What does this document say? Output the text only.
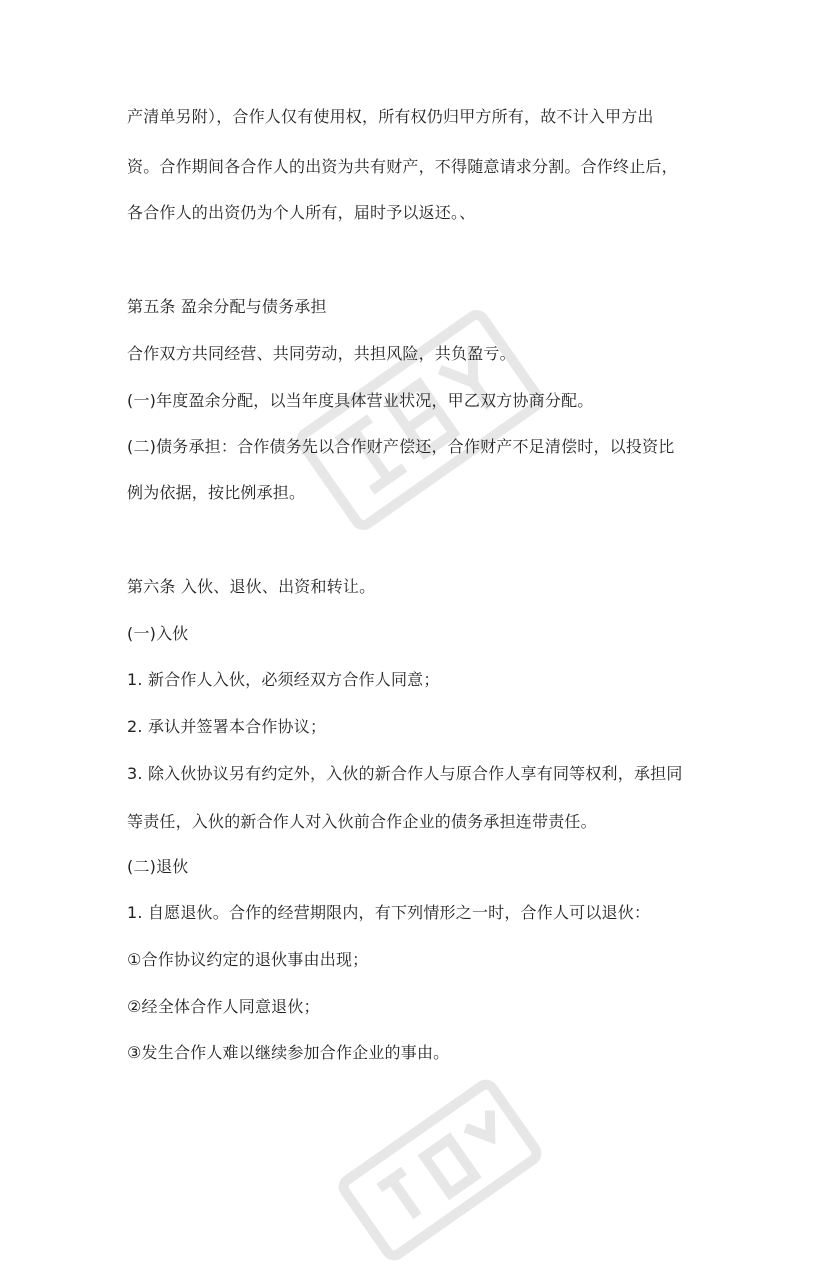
产清单另附），合作人仅有使用权，所有权仍归甲方所有，故不计入甲方出
资。合作期间各合作人的出资为共有财产，不得随意请求分割。合作终止后，
各合作人的出资仍为个人所有，届时予以返还。、
第五条 盈余分配与债务承担
合作双方共同经营、共同劳动，共担风险，共负盈亏。
(一)年度盈余分配，以当年度具体营业状况，甲乙双方协商分配。
(二)债务承担：合作债务先以合作财产偿还，合作财产不足清偿时，以投资比
例为依据，按比例承担。
第六条 入伙、退伙、出资和转让。
(一)入伙
1. 新合作人入伙，必须经双方合作人同意；
2. 承认并签署本合作协议；
3. 除入伙协议另有约定外，入伙的新合作人与原合作人享有同等权利，承担同
等责任，入伙的新合作人对入伙前合作企业的债务承担连带责任。
(二)退伙
1. 自愿退伙。合作的经营期限内，有下列情形之一时，合作人可以退伙：
①合作协议约定的退伙事由出现；
②经全体合作人同意退伙；
③发生合作人难以继续参加合作企业的事由。
